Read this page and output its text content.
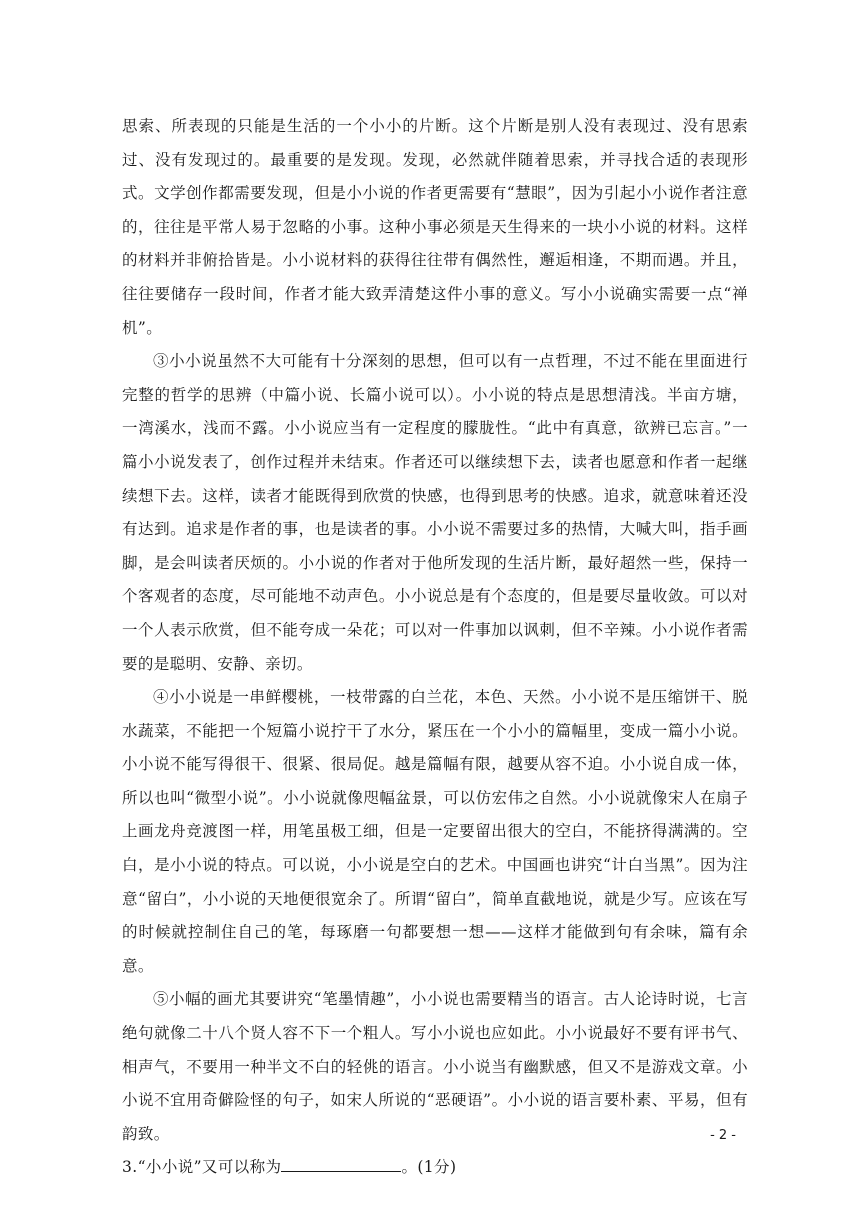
思索、所表现的只能是生活的一个小小的片断。这个片断是别人没有表现过、没有思索过、没有发现过的。最重要的是发现。发现，必然就伴随着思索，并寻找合适的表现形式。文学创作都需要发现，但是小小说的作者更需要有“慧眼”，因为引起小小说作者注意的，往往是平常人易于忽略的小事。这种小事必须是天生得来的一块小小说的材料。这样的材料并非俯拾皆是。小小说材料的获得往往带有偶然性，邂逅相逢，不期而遇。并且，往往要储存一段时间，作者才能大致弄清楚这件小事的意义。写小小说确实需要一点“禅机”。

③小小说虽然不大可能有十分深刻的思想，但可以有一点哲理，不过不能在里面进行完整的哲学的思辨（中篇小说、长篇小说可以）。小小说的特点是思想清浅。半亩方塘，一湾溪水，浅而不露。小小说应当有一定程度的朦胧性。“此中有真意，欲辨已忘言。”一篇小小说发表了，创作过程并未结束。作者还可以继续想下去，读者也愿意和作者一起继续想下去。这样，读者才能既得到欣赏的快感，也得到思考的快感。追求，就意味着还没有达到。追求是作者的事，也是读者的事。小小说不需要过多的热情，大喊大叫，指手画脚，是会叫读者厌烦的。小小说的作者对于他所发现的生活片断，最好超然一些，保持一个客观者的态度，尽可能地不动声色。小小说总是有个态度的，但是要尽量收敛。可以对一个人表示欣赏，但不能夸成一朵花；可以对一件事加以讽刺，但不辛辣。小小说作者需要的是聪明、安静、亲切。

④小小说是一串鲜樱桃，一枝带露的白兰花，本色、天然。小小说不是压缩饼干、脱水蔬菜，不能把一个短篇小说拧干了水分，紧压在一个小小的篇幅里，变成一篇小小说。小小说不能写得很干、很紧、很局促。越是篇幅有限，越要从容不迫。小小说自成一体，所以也叫“微型小说”。小小说就像咫幅盆景，可以仿宏伟之自然。小小说就像宋人在扇子上画龙舟竞渡图一样，用笔虽极工细，但是一定要留出很大的空白，不能挤得满满的。空白，是小小说的特点。可以说，小小说是空白的艺术。中国画也讲究“计白当黑”。因为注意“留白”，小小说的天地便很宽余了。所谓“留白”，简单直截地说，就是少写。应该在写的时候就控制住自己的笔，每琢磨一句都要想一想——这样才能做到句有余味，篇有余意。

⑤小幅的画尤其要讲究“笔墨情趣”，小小说也需要精当的语言。古人论诗时说，七言绝句就像二十八个贤人容不下一个粗人。写小小说也应如此。小小说最好不要有评书气、相声气，不要用一种半文不白的轻佻的语言。小小说当有幽默感，但又不是游戏文章。小小说不宜用奇僻险怪的句子，如宋人所说的“恶硬语”。小小说的语言要朴素、平易，但有韵致。

3.“小小说”又可以称为	。(1分)

- 2 -
